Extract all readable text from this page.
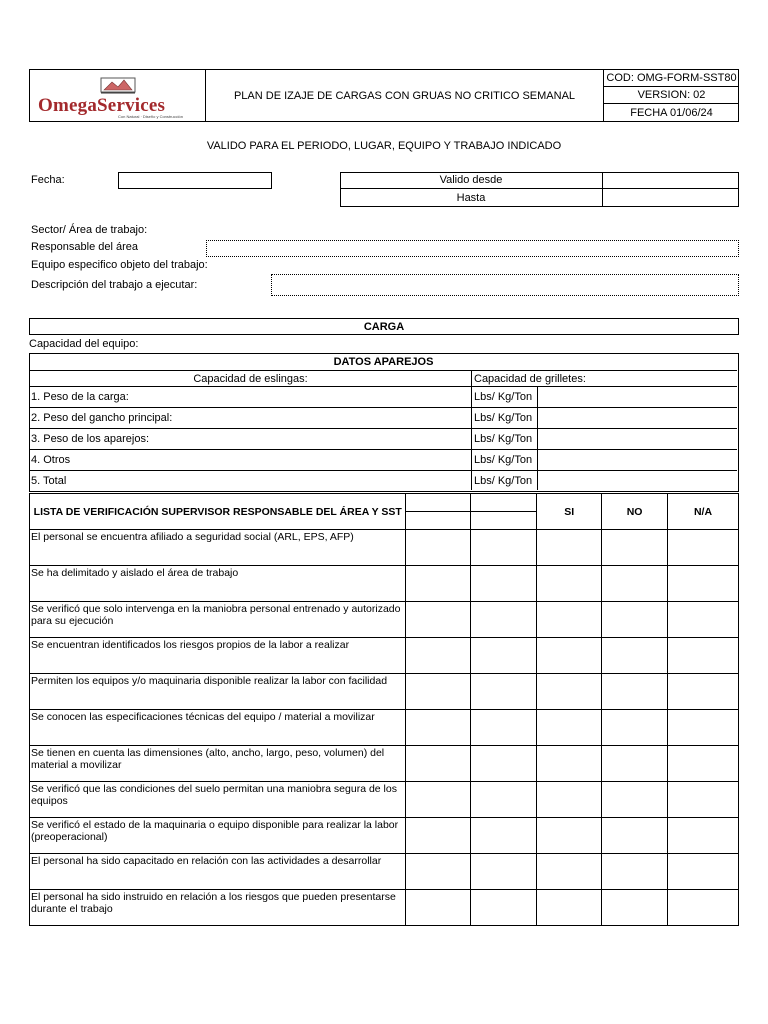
OmegaServices
Con Natural · Diseño y Construcción
PLAN DE IZAJE DE CARGAS CON GRUAS NO CRITICO SEMANAL
COD: OMG-FORM-SST80
VERSION: 02
FECHA 01/06/24
VALIDO PARA EL PERIODO, LUGAR, EQUIPO Y TRABAJO INDICADO
Fecha:	Valido desde
Hasta
Sector/ Área de trabajo:
Responsable del área
Equipo especifico objeto del trabajo:
Descripción del trabajo a ejecutar:
CARGA
Capacidad del equipo:
DATOS APAREJOS
Capacidad de eslingas:	Capacidad de grilletes:
1. Peso de la carga:	Lbs/ Kg/Ton
2. Peso del gancho principal:	Lbs/ Kg/Ton
3. Peso de los aparejos:	Lbs/ Kg/Ton
4. Otros	Lbs/ Kg/Ton
5. Total	Lbs/ Kg/Ton
LISTA DE VERIFICACIÓN SUPERVISOR RESPONSABLE DEL ÁREA Y SST			SI	NO	N/A
El personal se encuentra afiliado a seguridad social (ARL, EPS, AFP)					
Se ha delimitado y aislado el área de trabajo					
Se verificó que solo intervenga en la maniobra personal entrenado y autorizado para su ejecución					
Se encuentran identificados los riesgos propios de la labor a realizar					
Permiten los equipos y/o maquinaria disponible realizar la labor con facilidad					
Se conocen las especificaciones técnicas del equipo / material a movilizar					
Se tienen en cuenta las dimensiones (alto, ancho, largo, peso, volumen) del material a movilizar					
Se verificó que las condiciones del suelo permitan una maniobra segura de los equipos					
Se verificó el estado de la maquinaria o equipo disponible para realizar la labor (preoperacional)					
El personal ha sido capacitado en relación con las actividades a desarrollar					
El personal ha sido instruido en relación a los riesgos que pueden presentarse durante el trabajo					
